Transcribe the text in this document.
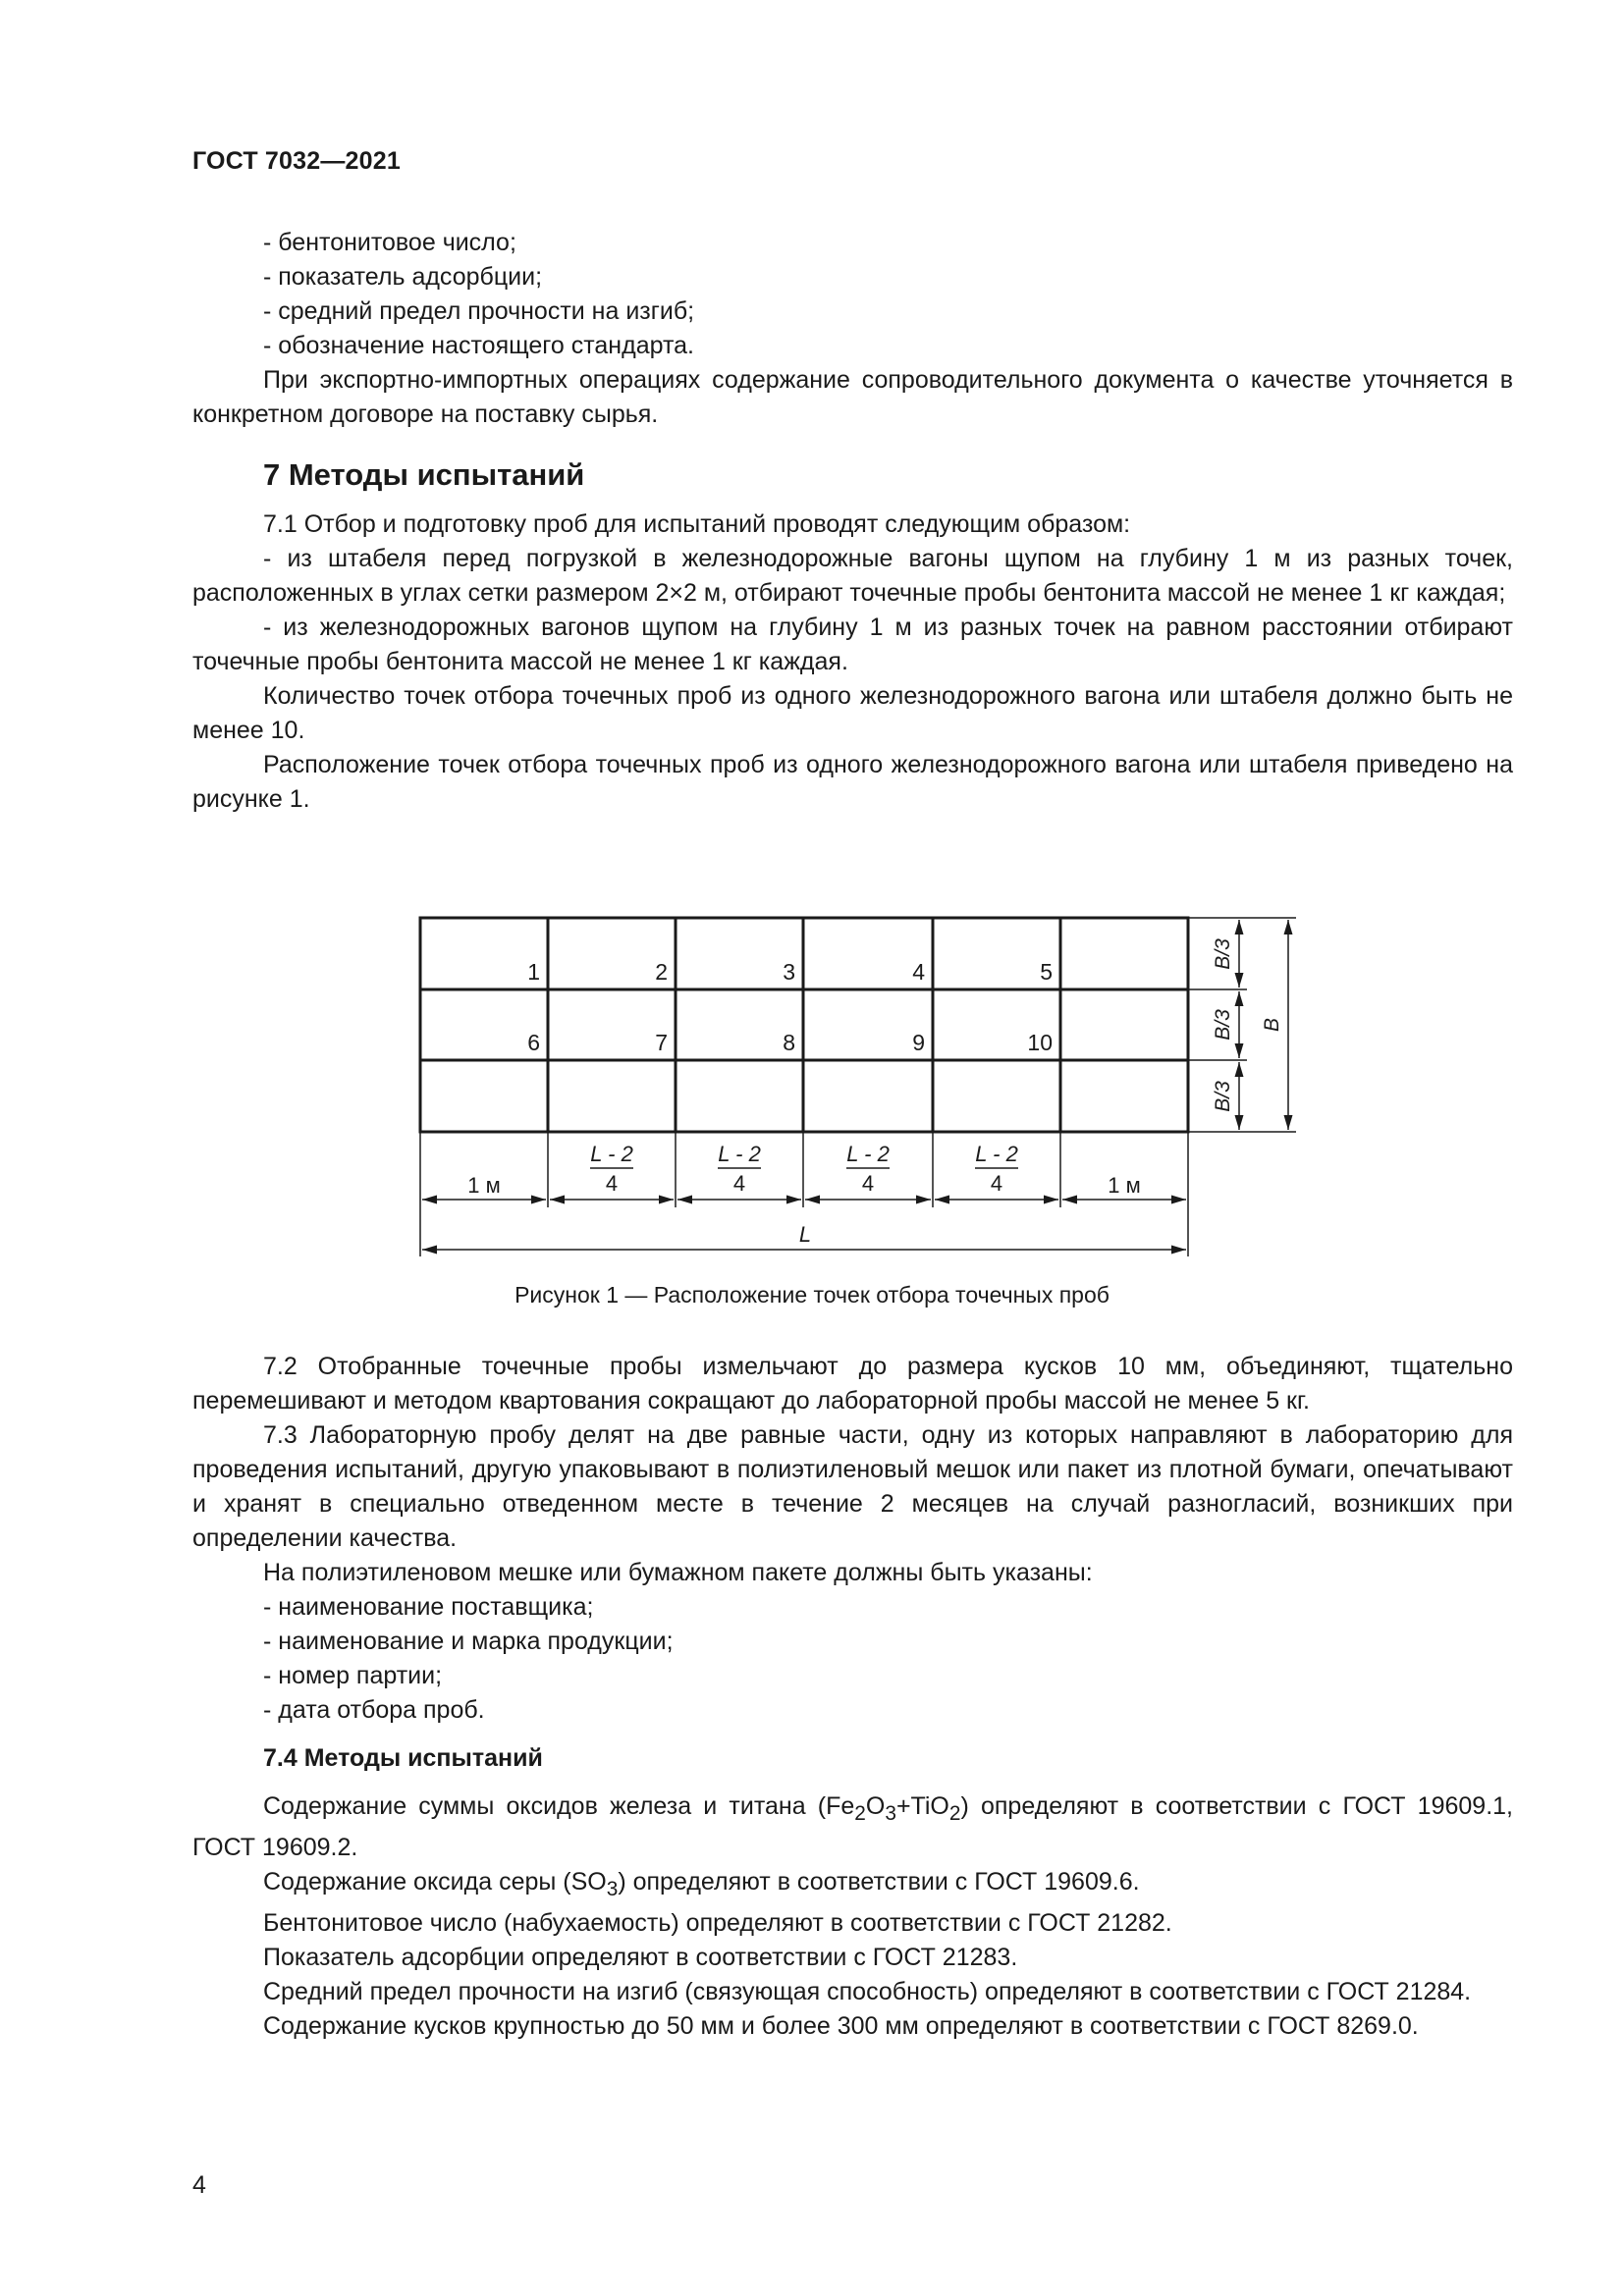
ГОСТ 7032—2021

- бентонитовое число;

- показатель адсорбции;

- средний предел прочности на изгиб;

- обозначение настоящего стандарта.

При экспортно-импортных операциях содержание сопроводительного документа о качестве уточняется в конкретном договоре на поставку сырья.

7 Методы испытаний

7.1 Отбор и подготовку проб для испытаний проводят следующим образом:

- из штабеля перед погрузкой в железнодорожные вагоны щупом на глубину 1 м из разных точек, расположенных в углах сетки размером 2×2 м, отбирают точечные пробы бентонита массой не менее 1 кг каждая;

- из железнодорожных вагонов щупом на глубину 1 м из разных точек на равном расстоянии отбирают точечные пробы бентонита массой не менее 1 кг каждая.

Количество точек отбора точечных проб из одного железнодорожного вагона или штабеля должно быть не менее 10.

Расположение точек отбора точечных проб из одного железнодорожного вагона или штабеля приведено на рисунке 1.

1	2	3	4	5
6	7	8	9	10
1 м	1 м
L - 2
4
L - 2
4
L - 2
4
L - 2
4
L
B/3
B/3
B/3
B
Рисунок 1 — Расположение точек отбора точечных проб

7.2 Отобранные точечные пробы измельчают до размера кусков 10 мм, объединяют, тщательно перемешивают и методом квартования сокращают до лабораторной пробы массой не менее 5 кг.

7.3 Лабораторную пробу делят на две равные части, одну из которых направляют в лабораторию для проведения испытаний, другую упаковывают в полиэтиленовый мешок или пакет из плотной бумаги, опечатывают и хранят в специально отведенном месте в течение 2 месяцев на случай разногласий, возникших при определении качества.

На полиэтиленовом мешке или бумажном пакете должны быть указаны:

- наименование поставщика;

- наименование и марка продукции;

- номер партии;

- дата отбора проб.

7.4 Методы испытаний

Содержание суммы оксидов железа и титана $(Fe_2O_3+TiO_2)$ определяют в соответствии с ГОСТ 19609.1, ГОСТ 19609.2.

Содержание оксида серы $(SO_3)$ определяют в соответствии с ГОСТ 19609.6.

Бентонитовое число (набухаемость) определяют в соответствии с ГОСТ 21282.

Показатель адсорбции определяют в соответствии с ГОСТ 21283.

Средний предел прочности на изгиб (связующая способность) определяют в соответствии с ГОСТ 21284.

Содержание кусков крупностью до 50 мм и более 300 мм определяют в соответствии с ГОСТ 8269.0.

4
